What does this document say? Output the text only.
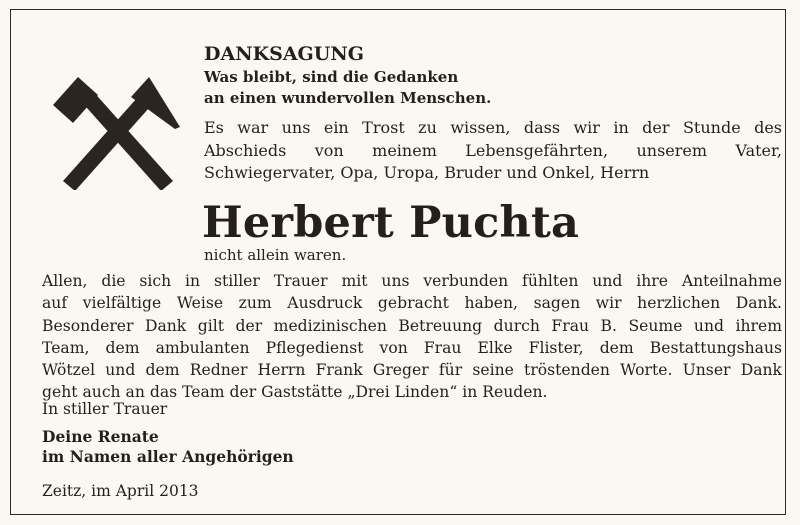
DANKSAGUNG
Was bleibt, sind die Gedanken
an einen wundervollen Menschen.
Es war uns ein Trost zu wissen, dass wir in der Stunde des
Abschieds von meinem Lebensgefährten, unserem Vater,
Schwiegervater, Opa, Uropa, Bruder und Onkel, Herrn
Herbert Puchta
nicht allein waren.
Allen, die sich in stiller Trauer mit uns verbunden fühlten und ihre Anteilnahme
auf vielfältige Weise zum Ausdruck gebracht haben, sagen wir herzlichen Dank.
Besonderer Dank gilt der medizinischen Betreuung durch Frau B. Seume und ihrem
Team, dem ambulanten Pflegedienst von Frau Elke Flister, dem Bestattungshaus
Wötzel und dem Redner Herrn Frank Greger für seine tröstenden Worte. Unser Dank
geht auch an das Team der Gaststätte „Drei Linden“ in Reuden.
In stiller Trauer
Deine Renate
im Namen aller Angehörigen
Zeitz, im April 2013
